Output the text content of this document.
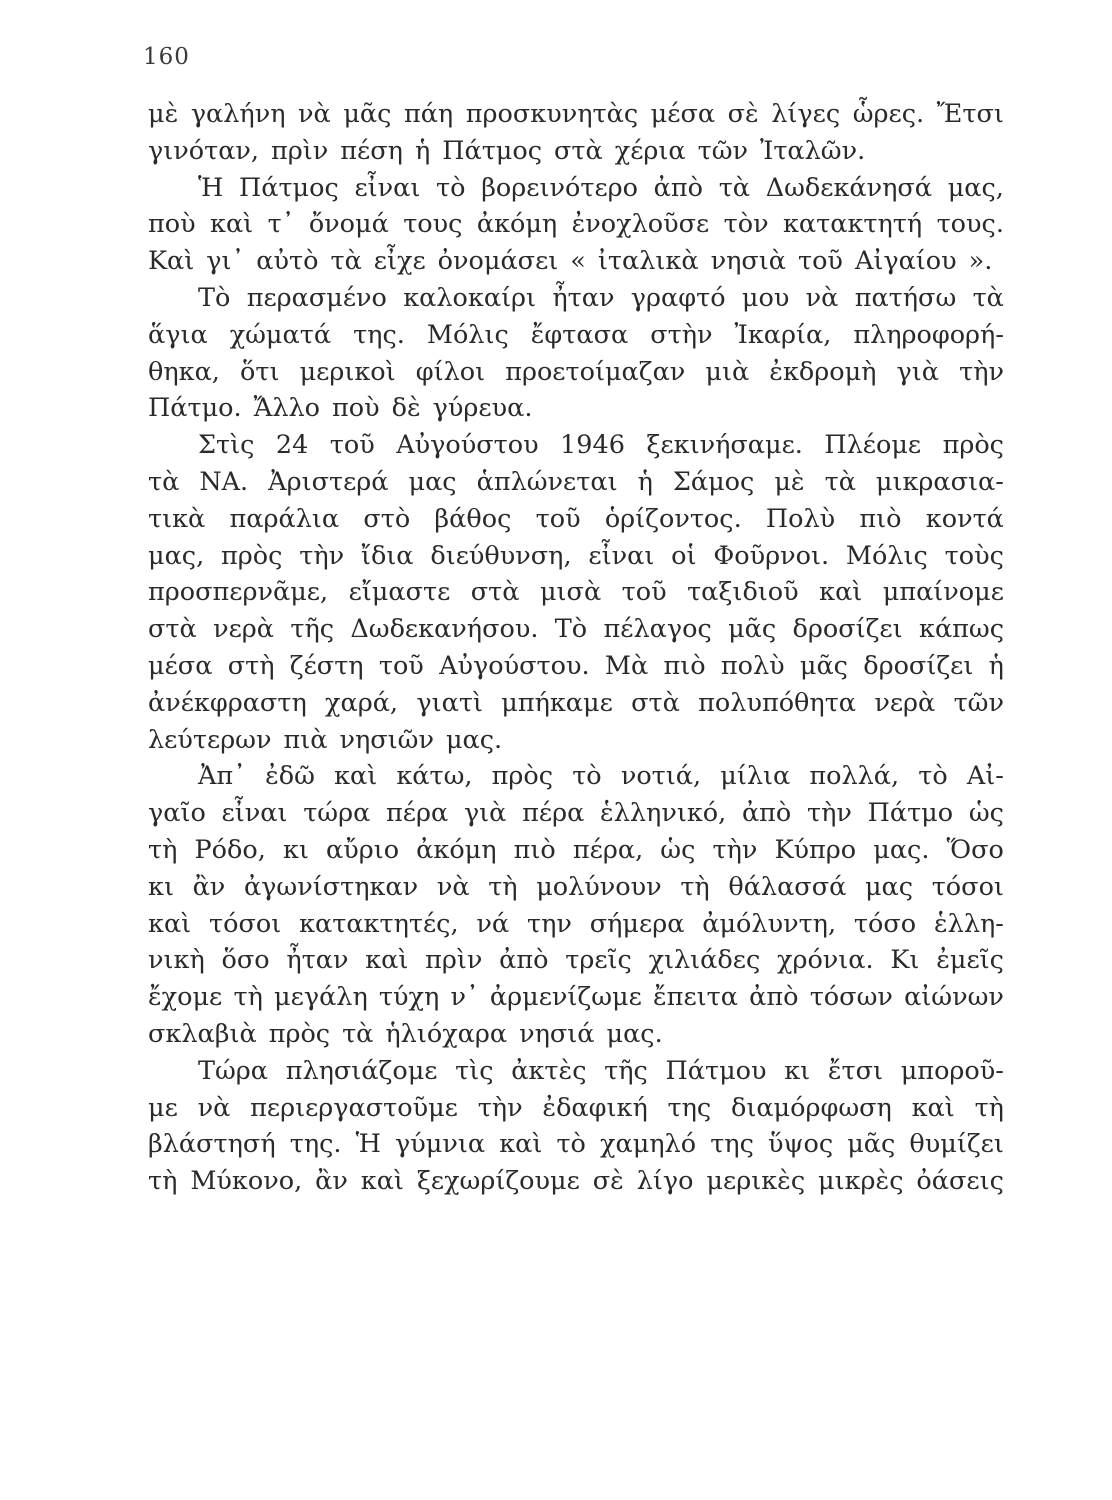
160
μὲ γαλήνη νὰ μᾶς πάη προσκυνητὰς μέσα σὲ λίγες ὧρες. Ἔτσι
γινόταν, πρὶν πέση ἡ Πάτμος στὰ χέρια τῶν Ἰταλῶν.
Ἡ Πάτμος εἶναι τὸ βορεινότερο ἀπὸ τὰ Δωδεκάνησά μας,
ποὺ καὶ τ᾽ ὄνομά τους ἀκόμη ἐνοχλοῦσε τὸν κατακτητή τους.
Καὶ γι᾽ αὐτὸ τὰ εἶχε ὀνομάσει « ἰταλικὰ νησιὰ τοῦ Αἰγαίου ».
Τὸ περασμένο καλοκαίρι ἦταν γραφτό μου νὰ πατήσω τὰ
ἅγια χώματά της. Μόλις ἔφτασα στὴν Ἰκαρία, πληροφορή-
θηκα, ὅτι μερικοὶ φίλοι προετοίμαζαν μιὰ ἐκδρομὴ γιὰ τὴν
Πάτμο. Ἄλλο ποὺ δὲ γύρευα.
Στὶς 24 τοῦ Αὐγούστου 1946 ξεκινήσαμε. Πλέομε πρὸς
τὰ ΝΑ. Ἀριστερά μας ἁπλώνεται ἡ Σάμος μὲ τὰ μικρασια-
τικὰ παράλια στὸ βάθος τοῦ ὁρίζοντος. Πολὺ πιὸ κοντά
μας, πρὸς τὴν ἴδια διεύθυνση, εἶναι οἱ Φοῦρνοι. Μόλις τοὺς
προσπερνᾶμε, εἴμαστε στὰ μισὰ τοῦ ταξιδιοῦ καὶ μπαίνομε
στὰ νερὰ τῆς Δωδεκανήσου. Τὸ πέλαγος μᾶς δροσίζει κάπως
μέσα στὴ ζέστη τοῦ Αὐγούστου. Μὰ πιὸ πολὺ μᾶς δροσίζει ἡ
ἀνέκφραστη χαρά, γιατὶ μπήκαμε στὰ πολυπόθητα νερὰ τῶν
λεύτερων πιὰ νησιῶν μας.
Ἀπ᾽ ἐδῶ καὶ κάτω, πρὸς τὸ νοτιά, μίλια πολλά, τὸ Αἰ-
γαῖο εἶναι τώρα πέρα γιὰ πέρα ἑλληνικό, ἀπὸ τὴν Πάτμο ὡς
τὴ Ρόδο, κι αὔριο ἀκόμη πιὸ πέρα, ὡς τὴν Κύπρο μας. Ὅσο
κι ἂν ἀγωνίστηκαν νὰ τὴ μολύνουν τὴ θάλασσά μας τόσοι
καὶ τόσοι κατακτητές, νά την σήμερα ἀμόλυντη, τόσο ἑλλη-
νικὴ ὅσο ἦταν καὶ πρὶν ἀπὸ τρεῖς χιλιάδες χρόνια. Κι ἐμεῖς
ἔχομε τὴ μεγάλη τύχη ν᾽ ἀρμενίζωμε ἔπειτα ἀπὸ τόσων αἰώνων
σκλαβιὰ πρὸς τὰ ἡλιόχαρα νησιά μας.
Τώρα πλησιάζομε τὶς ἀκτὲς τῆς Πάτμου κι ἔτσι μποροῦ-
με νὰ περιεργαστοῦμε τὴν ἐδαφική της διαμόρφωση καὶ τὴ
βλάστησή της. Ἡ γύμνια καὶ τὸ χαμηλό της ὕψος μᾶς θυμίζει
τὴ Μύκονο, ἂν καὶ ξεχωρίζουμε σὲ λίγο μερικὲς μικρὲς ὀάσεις
